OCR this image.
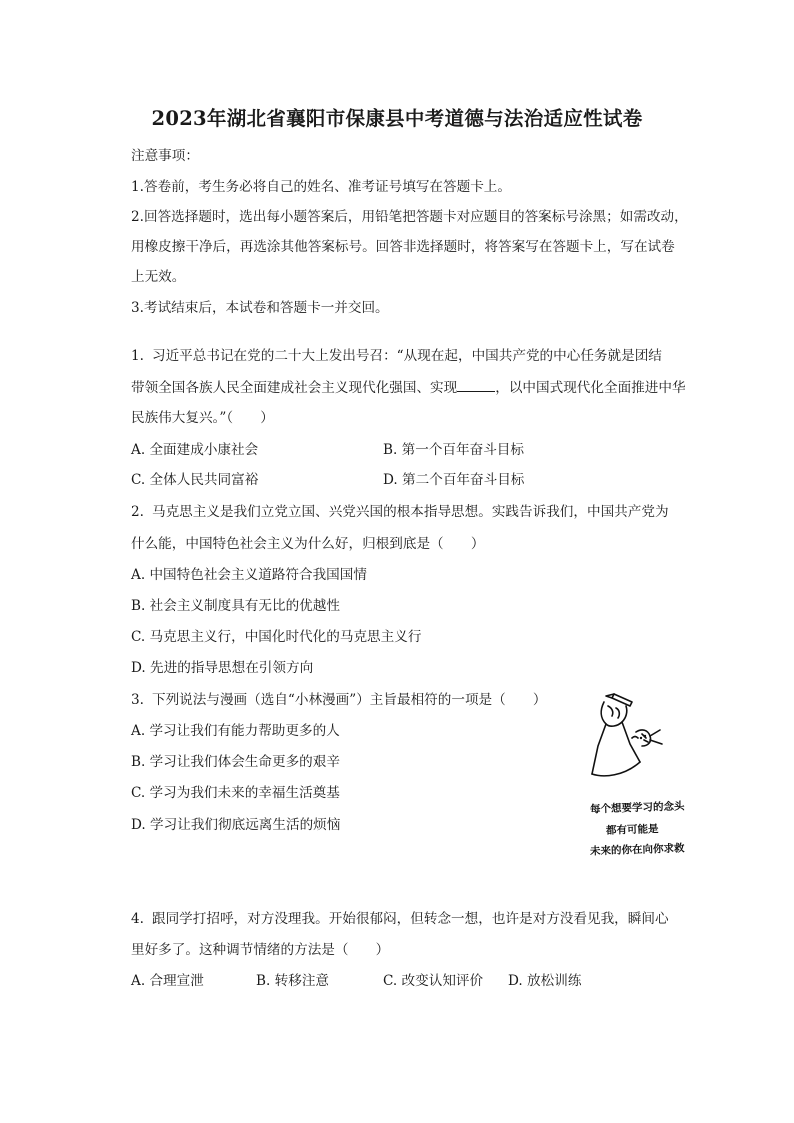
2023年湖北省襄阳市保康县中考道德与法治适应性试卷
注意事项：
1.答卷前，考生务必将自己的姓名、准考证号填写在答题卡上。
2.回答选择题时，选出每小题答案后，用铅笔把答题卡对应题目的答案标号涂黑；如需改动，
用橡皮擦干净后，再选涂其他答案标号。回答非选择题时，将答案写在答题卡上，写在试卷
上无效。
3.考试结束后，本试卷和答题卡一并交回。
1. 习近平总书记在党的二十大上发出号召：“从现在起，中国共产党的中心任务就是团结
带领全国各族人民全面建成社会主义现代化强国、实现	，以中国式现代化全面推进中华
民族伟大复兴。”（　　）
A. 全面建成小康社会	B. 第一个百年奋斗目标
C. 全体人民共同富裕	D. 第二个百年奋斗目标
2. 马克思主义是我们立党立国、兴党兴国的根本指导思想。实践告诉我们，中国共产党为
什么能，中国特色社会主义为什么好，归根到底是（　　）
A. 中国特色社会主义道路符合我国国情
B. 社会主义制度具有无比的优越性
C. 马克思主义行，中国化时代化的马克思主义行
D. 先进的指导思想在引领方向
3. 下列说法与漫画（选自“小林漫画”）主旨最相符的一项是（　　）
A. 学习让我们有能力帮助更多的人
B. 学习让我们体会生命更多的艰辛
C. 学习为我们未来的幸福生活奠基
D. 学习让我们彻底远离生活的烦恼
每个想要学习的念头
都有可能是
未来的你在向你求救
4. 跟同学打招呼，对方没理我。开始很郁闷，但转念一想，也许是对方没看见我，瞬间心
里好多了。这种调节情绪的方法是（　　）
A. 合理宣泄	B. 转移注意	C. 改变认知评价 D. 放松训练
